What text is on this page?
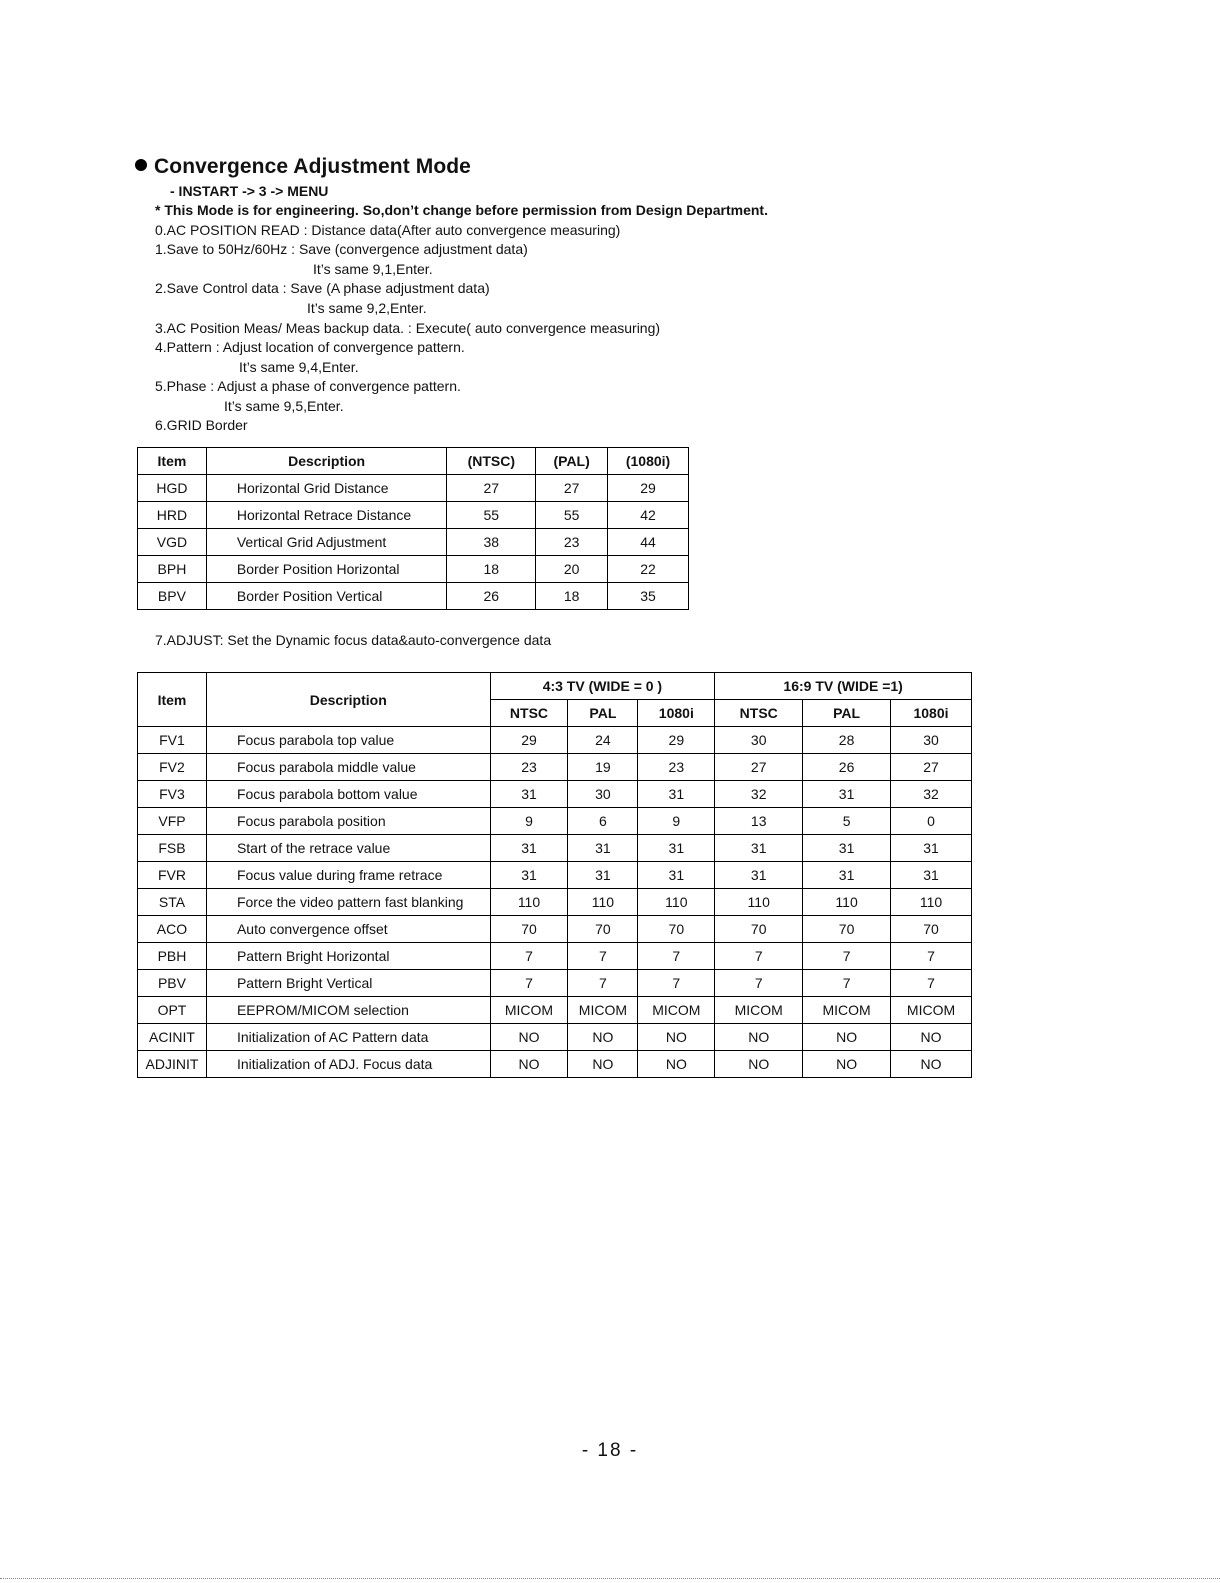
Convergence Adjustment Mode
- INSTART -> 3 -> MENU
* This Mode is for engineering. So,don’t change before permission from Design Department.
0.AC POSITION READ : Distance data(After auto convergence measuring)
1.Save to 50Hz/60Hz : Save (convergence adjustment data)
It’s same 9,1,Enter.
2.Save Control data : Save (A phase adjustment data)
It’s same 9,2,Enter.
3.AC Position Meas/ Meas backup data. : Execute( auto convergence measuring)
4.Pattern : Adjust location of convergence pattern.
It’s same 9,4,Enter.
5.Phase : Adjust a phase of convergence pattern.
It’s same 9,5,Enter.
6.GRID Border
Item	Description	(NTSC)	(PAL)	(1080i)
HGD	Horizontal Grid Distance	27	27	29
HRD	Horizontal Retrace Distance	55	55	42
VGD	Vertical Grid Adjustment	38	23	44
BPH	Border Position Horizontal	18	20	22
BPV	Border Position Vertical	26	18	35
7.ADJUST: Set the Dynamic focus data&auto-convergence data
Item	Description	4:3 TV (WIDE = 0 )			16:9 TV (WIDE =1)		
		NTSC	PAL	1080i	NTSC	PAL	1080i
FV1	Focus parabola top value	29	24	29	30	28	30
FV2	Focus parabola middle value	23	19	23	27	26	27
FV3	Focus parabola bottom value	31	30	31	32	31	32
VFP	Focus parabola position	9	6	9	13	5	0
FSB	Start of the retrace value	31	31	31	31	31	31
FVR	Focus value during frame retrace	31	31	31	31	31	31
STA	Force the video pattern fast blanking	110	110	110	110	110	110
ACO	Auto convergence offset	70	70	70	70	70	70
PBH	Pattern Bright Horizontal	7	7	7	7	7	7
PBV	Pattern Bright Vertical	7	7	7	7	7	7
OPT	EEPROM/MICOM selection	MICOM	MICOM	MICOM	MICOM	MICOM	MICOM
ACINIT	Initialization of AC Pattern data	NO	NO	NO	NO	NO	NO
ADJINIT	Initialization of ADJ. Focus data	NO	NO	NO	NO	NO	NO
- 18 -
